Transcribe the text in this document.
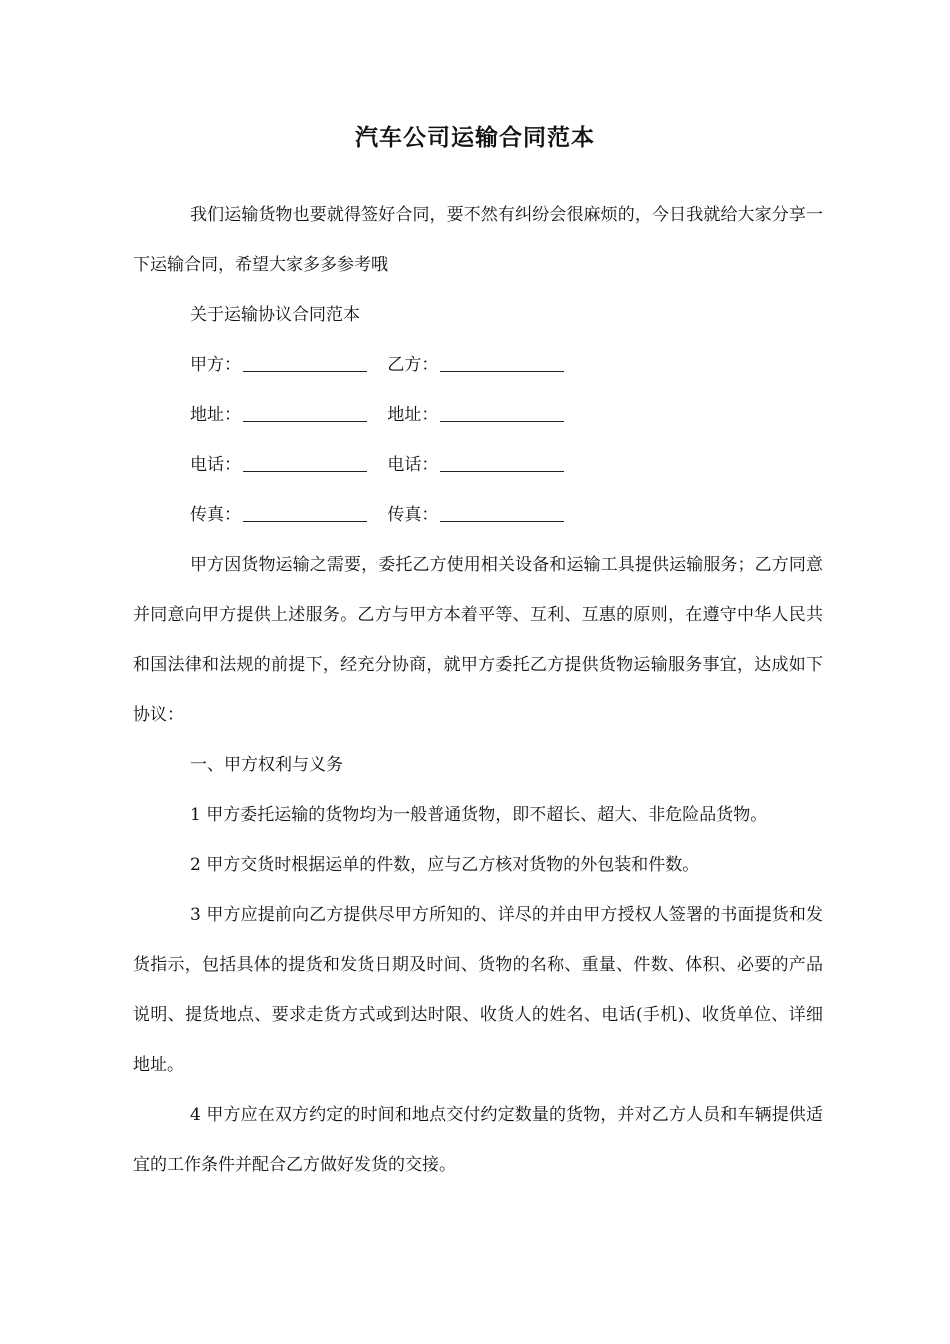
汽车公司运输合同范本

我们运输货物也要就得签好合同，要不然有纠纷会很麻烦的，今日我就给大家分享一下运输合同，希望大家多多参考哦

关于运输协议合同范本

甲方：	乙方：
地址：	地址：
电话：	电话：
传真：	传真：

甲方因货物运输之需要，委托乙方使用相关设备和运输工具提供运输服务；乙方同意并同意向甲方提供上述服务。乙方与甲方本着平等、互利、互惠的原则，在遵守中华人民共和国法律和法规的前提下，经充分协商，就甲方委托乙方提供货物运输服务事宜，达成如下协议：

一、甲方权利与义务

1 甲方委托运输的货物均为一般普通货物，即不超长、超大、非危险品货物。

2 甲方交货时根据运单的件数，应与乙方核对货物的外包装和件数。

3 甲方应提前向乙方提供尽甲方所知的、详尽的并由甲方授权人签署的书面提货和发货指示，包括具体的提货和发货日期及时间、货物的名称、重量、件数、体积、必要的产品说明、提货地点、要求走货方式或到达时限、收货人的姓名、电话(手机)、收货单位、详细地址。

4 甲方应在双方约定的时间和地点交付约定数量的货物，并对乙方人员和车辆提供适宜的工作条件并配合乙方做好发货的交接。
